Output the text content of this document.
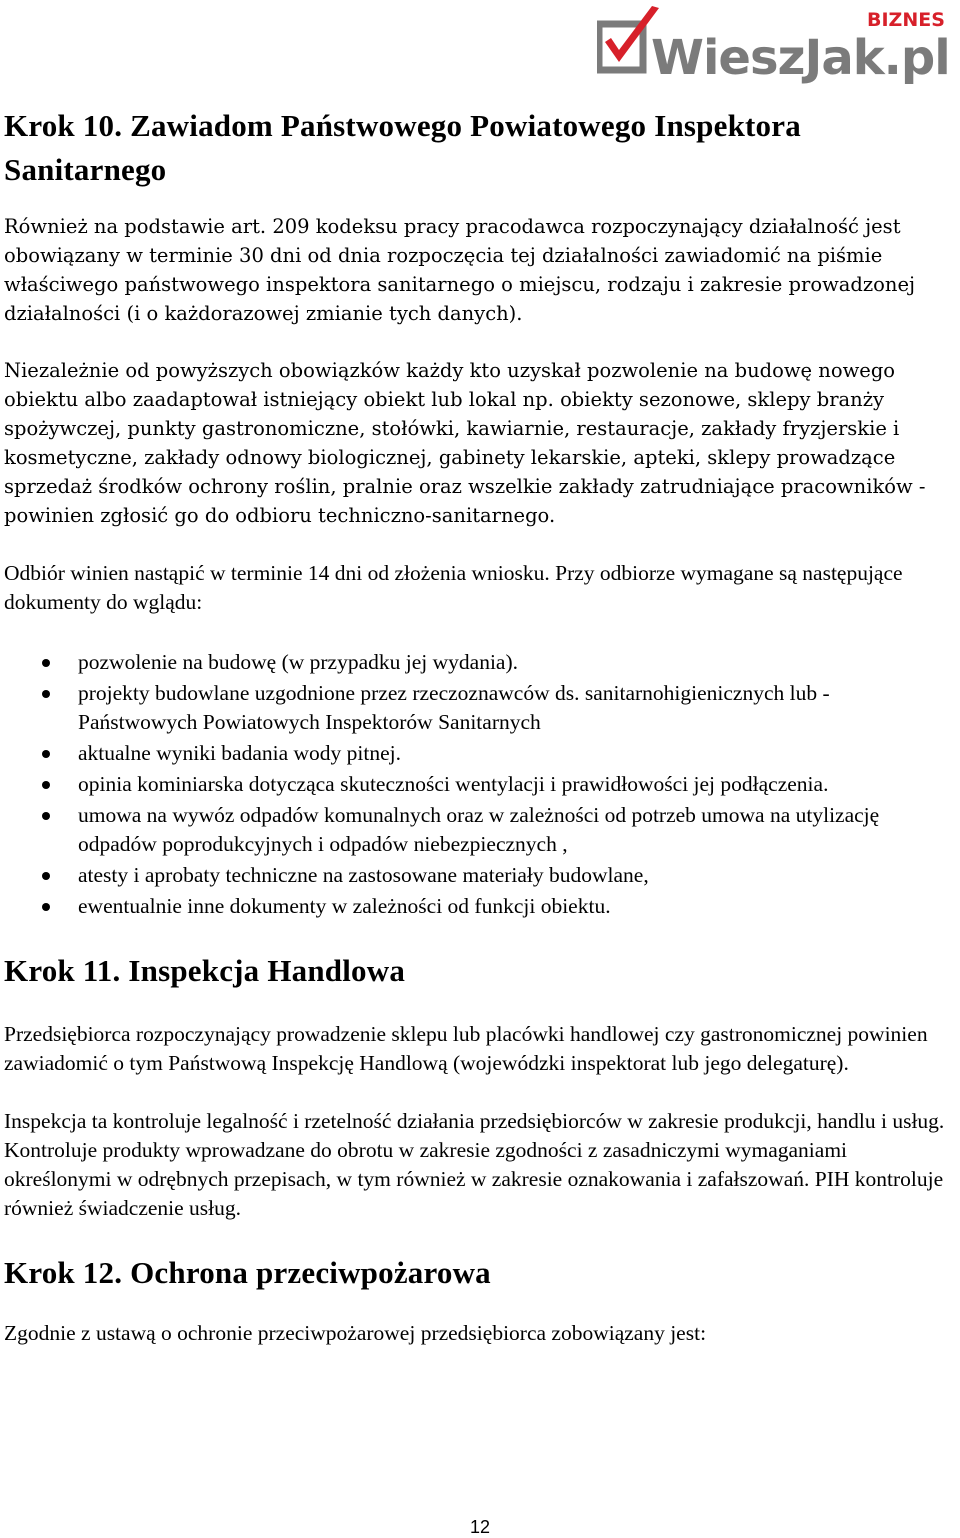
WieszJak.pl
BIZNES
Krok 10. Zawiadom Państwowego Powiatowego Inspektora Sanitarnego

Również na podstawie art. 209 kodeksu pracy pracodawca rozpoczynający działalność jest obowiązany w terminie 30 dni od dnia rozpoczęcia tej działalności zawiadomić na piśmie właściwego państwowego inspektora sanitarnego o miejscu, rodzaju i zakresie prowadzonej działalności (i o każdorazowej zmianie tych danych).

Niezależnie od powyższych obowiązków każdy kto uzyskał pozwolenie na budowę nowego obiektu albo zaadaptował istniejący obiekt lub lokal np. obiekty sezonowe, sklepy branży spożywczej, punkty gastronomiczne, stołówki, kawiarnie, restauracje, zakłady fryzjerskie i kosmetyczne, zakłady odnowy biologicznej, gabinety lekarskie, apteki, sklepy prowadzące sprzedaż środków ochrony roślin, pralnie oraz wszelkie zakłady zatrudniające pracowników - powinien zgłosić go do odbioru techniczno-sanitarnego.

Odbiór winien nastąpić w terminie 14 dni od złożenia wniosku. Przy odbiorze wymagane są następujące dokumenty do wglądu:

pozwolenie na budowę (w przypadku jej wydania).
projekty budowlane uzgodnione przez rzeczoznawców ds. sanitarnohigienicznych lub - Państwowych Powiatowych Inspektorów Sanitarnych
aktualne wyniki badania wody pitnej.
opinia kominiarska dotycząca skuteczności wentylacji i prawidłowości jej podłączenia.
umowa na wywóz odpadów komunalnych oraz w zależności od potrzeb umowa na utylizację odpadów poprodukcyjnych i odpadów niebezpiecznych ,
atesty i aprobaty techniczne na zastosowane materiały budowlane,
ewentualnie inne dokumenty w zależności od funkcji obiektu.
Krok 11. Inspekcja Handlowa

Przedsiębiorca rozpoczynający prowadzenie sklepu lub placówki handlowej czy gastronomicznej powinien zawiadomić o tym Państwową Inspekcję Handlową (wojewódzki inspektorat lub jego delegaturę).

Inspekcja ta kontroluje legalność i rzetelność działania przedsiębiorców w zakresie produkcji, handlu i usług. Kontroluje produkty wprowadzane do obrotu w zakresie zgodności z zasadniczymi wymaganiami określonymi w odrębnych przepisach, w tym również w zakresie oznakowania i zafałszowań. PIH kontroluje również świadczenie usług.

Krok 12. Ochrona przeciwpożarowa

Zgodnie z ustawą o ochronie przeciwpożarowej przedsiębiorca zobowiązany jest:

12
